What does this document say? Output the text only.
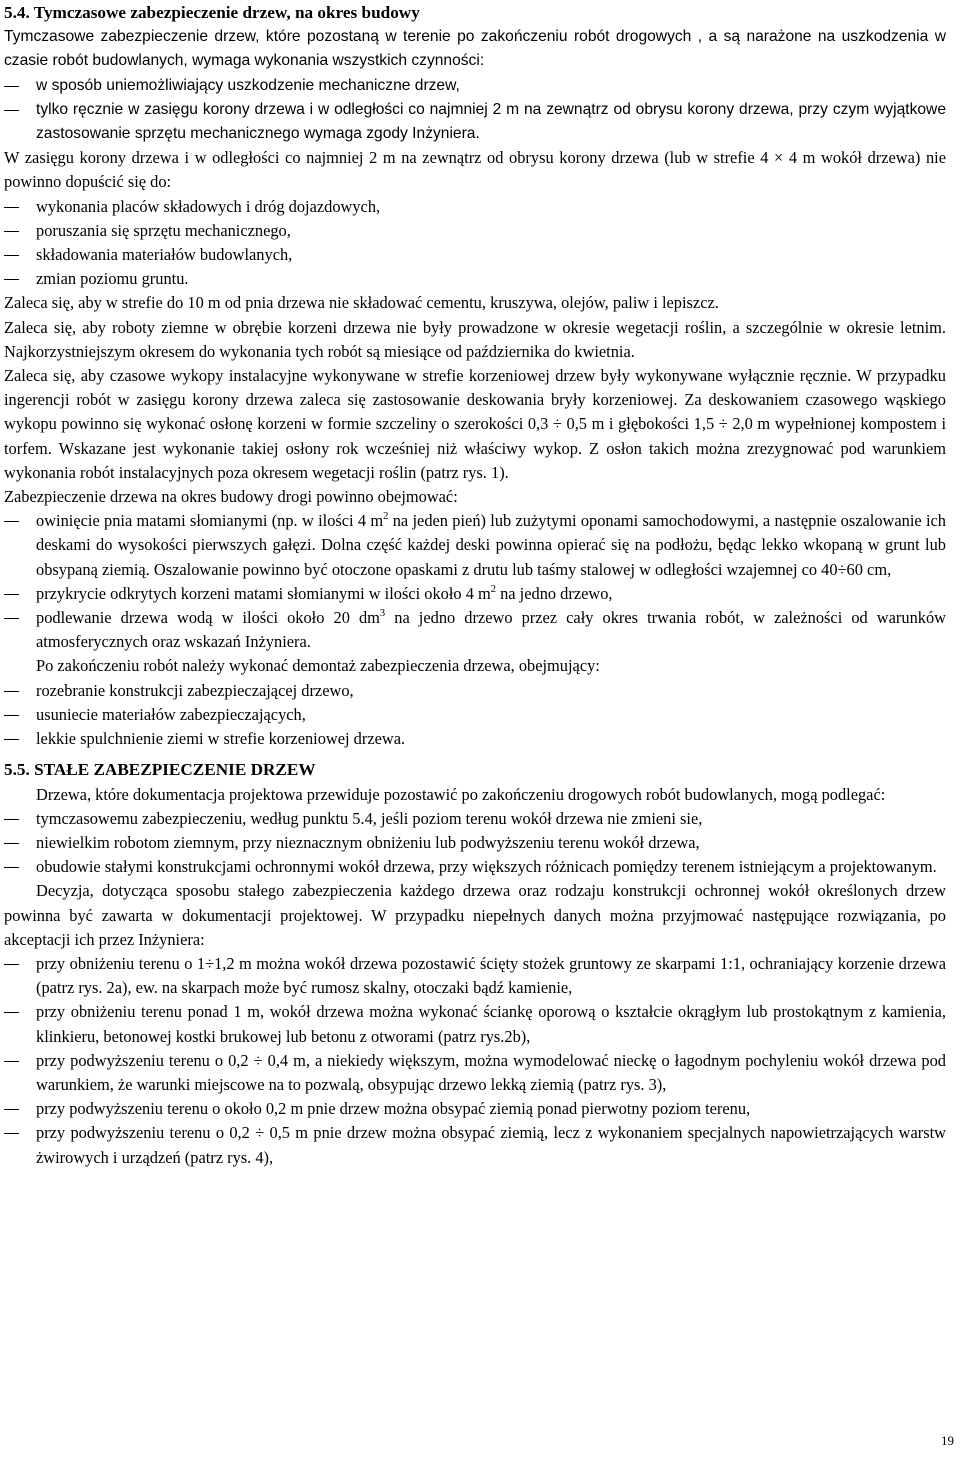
5.4. Tymczasowe zabezpieczenie drzew, na okres budowy

Tymczasowe zabezpieczenie drzew, które pozostaną w terenie po zakończeniu robót drogowych , a są narażone na uszkodzenia w czasie robót budowlanych, wymaga wykonania wszystkich czynności:

w sposób uniemożliwiający uszkodzenie mechaniczne drzew,
tylko ręcznie w zasięgu korony drzewa i w odległości co najmniej 2 m na zewnątrz od obrysu korony drzewa, przy czym wyjątkowe zastosowanie sprzętu mechanicznego wymaga zgody Inżyniera.

W zasięgu korony drzewa i w odległości co najmniej 2 m na zewnątrz od obrysu korony drzewa (lub w strefie 4 × 4 m wokół drzewa) nie powinno dopuścić się do:

wykonania placów składowych i dróg dojazdowych,
poruszania się sprzętu mechanicznego,
składowania materiałów budowlanych,
zmian poziomu gruntu.

Zaleca się, aby w strefie do 10 m od pnia drzewa nie składować cementu, kruszywa, olejów, paliw i lepiszcz.

Zaleca się, aby roboty ziemne w obrębie korzeni drzewa nie były prowadzone w okresie wegetacji roślin, a szczególnie w okresie letnim. Najkorzystniejszym okresem do wykonania tych robót są miesiące od października do kwietnia.

Zaleca się, aby czasowe wykopy instalacyjne wykonywane w strefie korzeniowej drzew były wykonywane wyłącznie ręcznie. W przypadku ingerencji robót w zasięgu korony drzewa zaleca się zastosowanie deskowania bryły korzeniowej. Za deskowaniem czasowego wąskiego wykopu powinno się wykonać osłonę korzeni w formie szczeliny o szerokości 0,3 ÷ 0,5 m i głębokości 1,5 ÷ 2,0 m wypełnionej kompostem i torfem. Wskazane jest wykonanie takiej osłony rok wcześniej niż właściwy wykop. Z osłon takich można zrezygnować pod warunkiem wykonania robót instalacyjnych poza okresem wegetacji roślin (patrz rys. 1).

Zabezpieczenie drzewa na okres budowy drogi powinno obejmować:

owinięcie pnia matami słomianymi (np. w ilości 4 $m^2$ na jeden pień) lub zużytymi oponami samochodowymi, a następnie oszalowanie ich deskami do wysokości pierwszych gałęzi. Dolna część każdej deski powinna opierać się na podłożu, będąc lekko wkopaną w grunt lub obsypaną ziemią. Oszalowanie powinno być otoczone opaskami z drutu lub taśmy stalowej w odległości wzajemnej co 40÷60 cm,
przykrycie odkrytych korzeni matami słomianymi w ilości około 4 $m^2$ na jedno drzewo,
podlewanie drzewa wodą w ilości około 20 $dm^3$ na jedno drzewo przez cały okres trwania robót, w zależności od warunków atmosferycznych oraz wskazań Inżyniera.

Po zakończeniu robót należy wykonać demontaż zabezpieczenia drzewa, obejmujący:

rozebranie konstrukcji zabezpieczającej drzewo,
usuniecie materiałów zabezpieczających,
lekkie spulchnienie ziemi w strefie korzeniowej drzewa.
5.5. STAŁE ZABEZPIECZENIE DRZEW

Drzewa, które dokumentacja projektowa przewiduje pozostawić po zakończeniu drogowych robót budowlanych, mogą podlegać:

tymczasowemu zabezpieczeniu, według punktu 5.4, jeśli poziom terenu wokół drzewa nie zmieni sie,
niewielkim robotom ziemnym, przy nieznacznym obniżeniu lub podwyższeniu terenu wokół drzewa,
obudowie stałymi konstrukcjami ochronnymi wokół drzewa, przy większych różnicach pomiędzy terenem istniejącym a projektowanym.

Decyzja, dotycząca sposobu stałego zabezpieczenia każdego drzewa oraz rodzaju konstrukcji ochronnej wokół określonych drzew powinna być zawarta w dokumentacji projektowej. W przypadku niepełnych danych można przyjmować następujące rozwiązania, po akceptacji ich przez Inżyniera:

przy obniżeniu terenu o 1÷1,2 m można wokół drzewa pozostawić ścięty stożek gruntowy ze skarpami 1:1, ochraniający korzenie drzewa (patrz rys. 2a), ew. na skarpach może być rumosz skalny, otoczaki bądź kamienie,
przy obniżeniu terenu ponad 1 m, wokół drzewa można wykonać ściankę oporową o kształcie okrągłym lub prostokątnym z kamienia, klinkieru, betonowej kostki brukowej lub betonu z otworami (patrz rys.2b),
przy podwyższeniu terenu o 0,2 ÷ 0,4 m, a niekiedy większym, można wymodelować nieckę o łagodnym pochyleniu wokół drzewa pod warunkiem, że warunki miejscowe na to pozwalą, obsypując drzewo lekką ziemią (patrz rys. 3),
przy podwyższeniu terenu o około 0,2 m pnie drzew można obsypać ziemią ponad pierwotny poziom terenu,
przy podwyższeniu terenu o 0,2 ÷ 0,5 m pnie drzew można obsypać ziemią, lecz z wykonaniem specjalnych napowietrzających warstw żwirowych i urządzeń (patrz rys. 4),
19
